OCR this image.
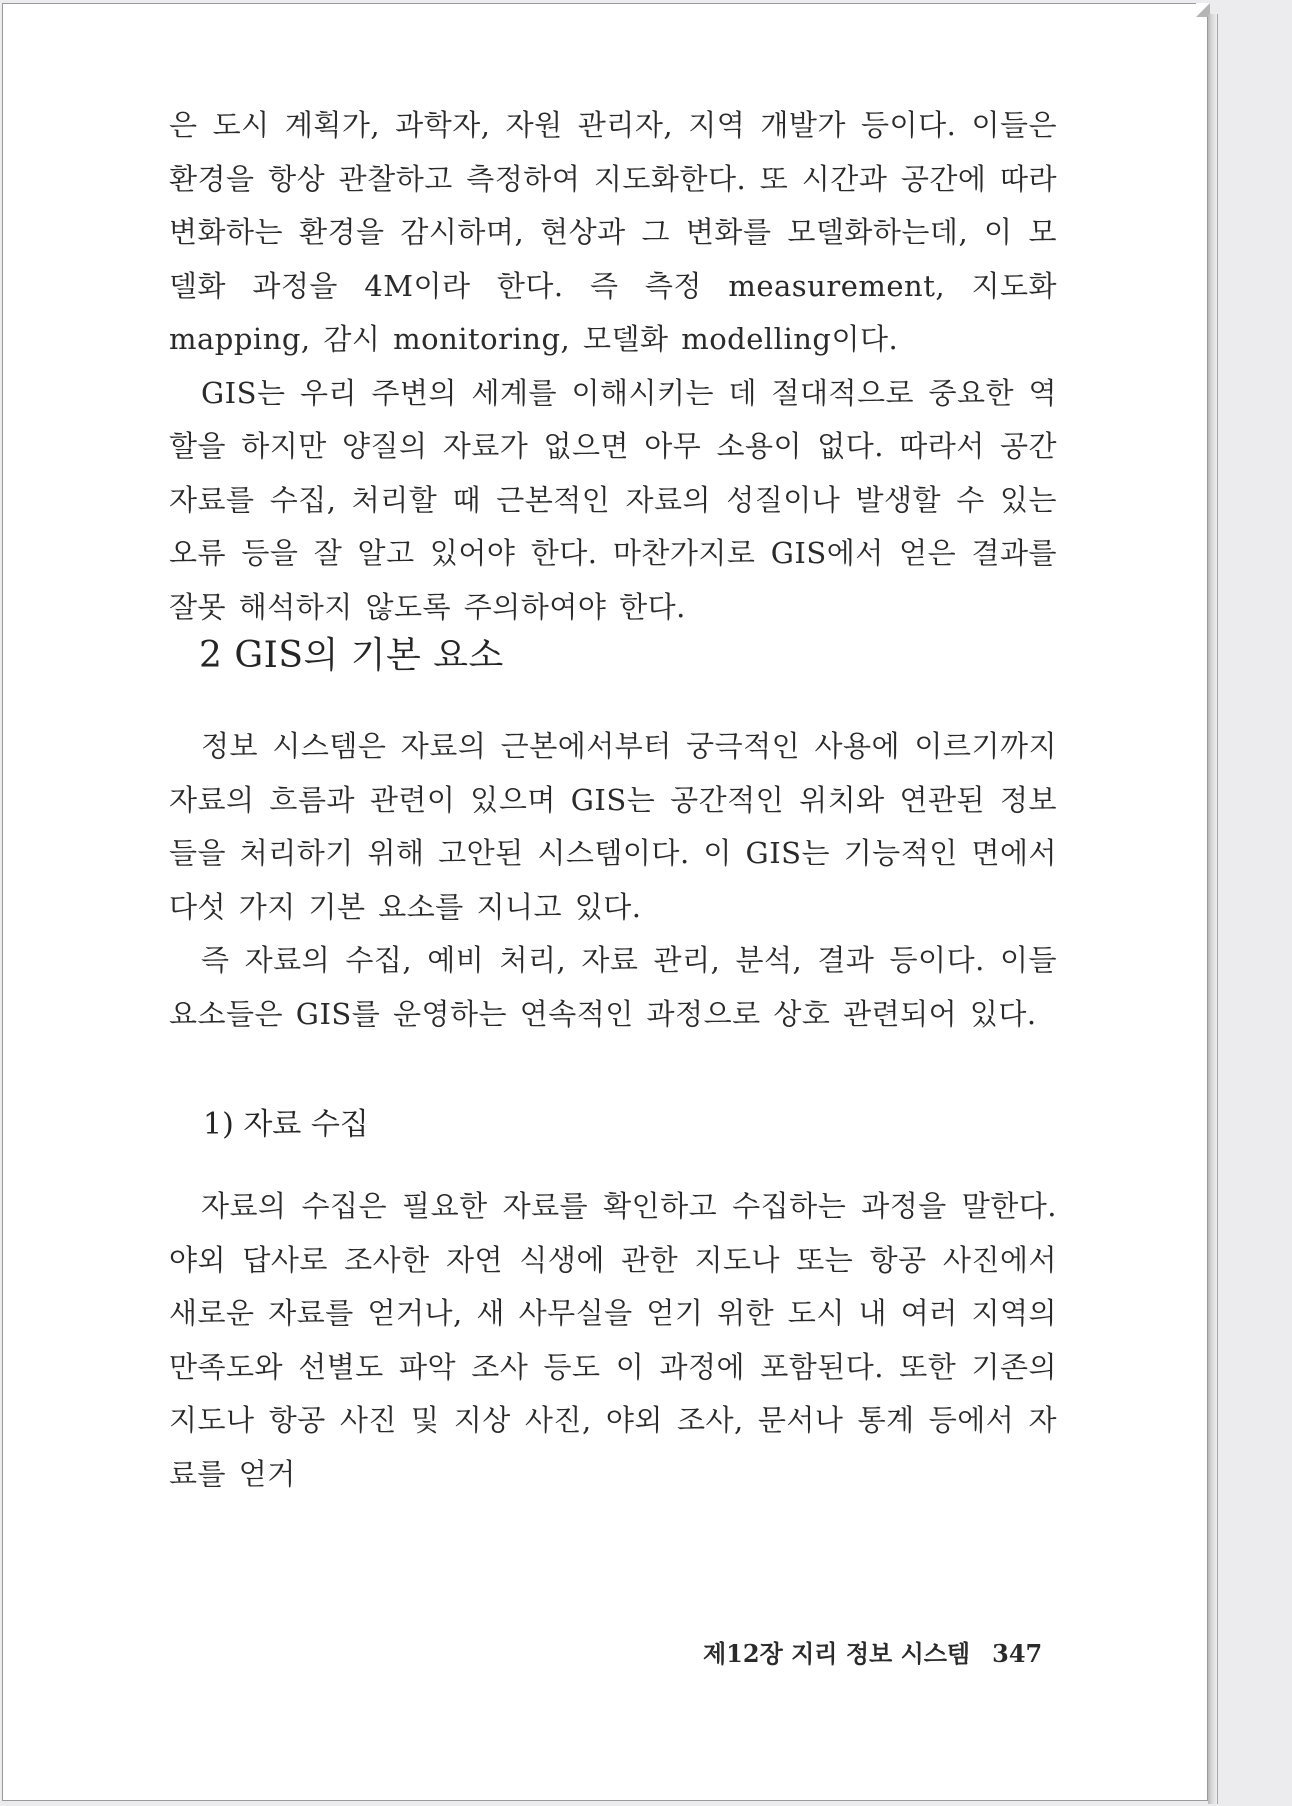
은 도시 계획가, 과학자, 자원 관리자, 지역 개발가 등이다. 이들은 환경을 항상 관찰하고 측정하여 지도화한다. 또 시간과 공간에 따라 변화하는 환경을 감시하며, 현상과 그 변화를 모델화하는데, 이 모델화 과정을 4M이라 한다. 즉 측정 measurement, 지도화 mapping, 감시 monitoring, 모델화 modelling이다.

GIS는 우리 주변의 세계를 이해시키는 데 절대적으로 중요한 역할을 하지만 양질의 자료가 없으면 아무 소용이 없다. 따라서 공간 자료를 수집, 처리할 때 근본적인 자료의 성질이나 발생할 수 있는 오류 등을 잘 알고 있어야 한다. 마찬가지로 GIS에서 얻은 결과를 잘못 해석하지 않도록 주의하여야 한다.

2 GIS의 기본 요소

정보 시스템은 자료의 근본에서부터 궁극적인 사용에 이르기까지 자료의 흐름과 관련이 있으며 GIS는 공간적인 위치와 연관된 정보들을 처리하기 위해 고안된 시스템이다. 이 GIS는 기능적인 면에서 다섯 가지 기본 요소를 지니고 있다.

즉 자료의 수집, 예비 처리, 자료 관리, 분석, 결과 등이다. 이들 요소들은 GIS를 운영하는 연속적인 과정으로 상호 관련되어 있다.

1) 자료 수집

자료의 수집은 필요한 자료를 확인하고 수집하는 과정을 말한다. 야외 답사로 조사한 자연 식생에 관한 지도나 또는 항공 사진에서 새로운 자료를 얻거나, 새 사무실을 얻기 위한 도시 내 여러 지역의 만족도와 선별도 파악 조사 등도 이 과정에 포함된다. 또한 기존의 지도나 항공 사진 및 지상 사진, 야외 조사, 문서나 통계 등에서 자료를 얻거

제12장 지리 정보 시스템 347
